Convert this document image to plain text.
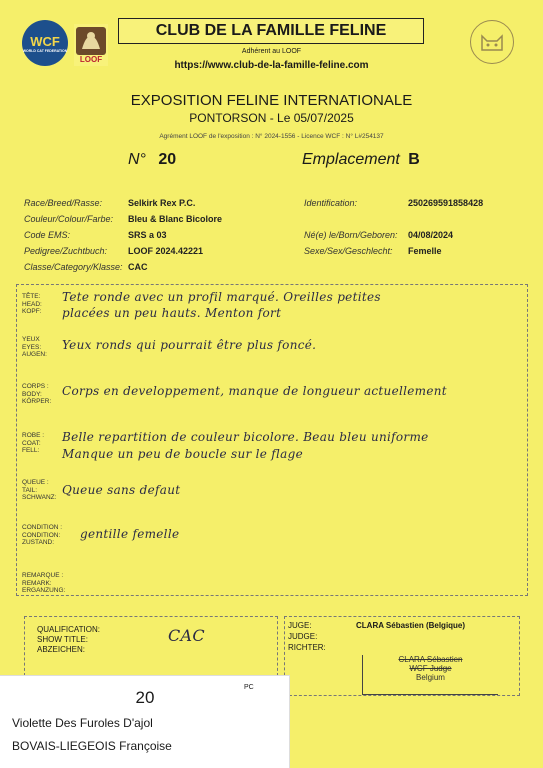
WCF
WORLD CAT FEDERATION
LOOF
CLUB DE LA FAMILLE FELINE
Adhérent au LOOF
https://www.club-de-la-famille-feline.com
EXPOSITION FELINE INTERNATIONALE
PONTORSON - Le 05/07/2025
Agrément LOOF de l'exposition : N° 2024-1556 - Licence WCF : N° L#254137
N° 20	Emplacement B
Race/Breed/Rasse:	Selkirk Rex P.C.
Couleur/Colour/Farbe: Bleu & Blanc Bicolore
Code EMS:	SRS a 03
Pedigree/Zuchtbuch: LOOF 2024.42221
Classe/Category/Klasse: CAC
Identification:	250269591858428
Né(e) le/Born/Geboren: 04/08/2024
Sexe/Sex/Geschlecht: Femelle
TÊTE:
HEAD:
KOPF:
Tete ronde avec un profil marqué. Oreilles petites
placées un peu hauts. Menton fort
YEUX
EYES:
AUGEN:
Yeux ronds qui pourrait être plus foncé.
CORPS :
BODY:
KÖRPER:
Corps en developpement, manque de longueur actuellement
ROBE :
COAT:
FELL:
Belle repartition de couleur bicolore. Beau bleu uniforme
Manque un peu de boucle sur le flage
QUEUE :
TAIL:
SCHWANZ:
Queue sans defaut
CONDITION :
CONDITION:
ZUSTAND:
gentille femelle
REMARQUE :
REMARK:
ERGANZUNG:
QUALIFICATION:
SHOW TITLE:
ABZEICHEN:
CAC
JUGE:
JUDGE:
RICHTER:
CLARA Sébastien (Belgique)
CLARA Sébastien
WCF Judge
Belgium
20
PC
Violette Des Furoles D'ajol
BOVAIS-LIEGEOIS Françoise
